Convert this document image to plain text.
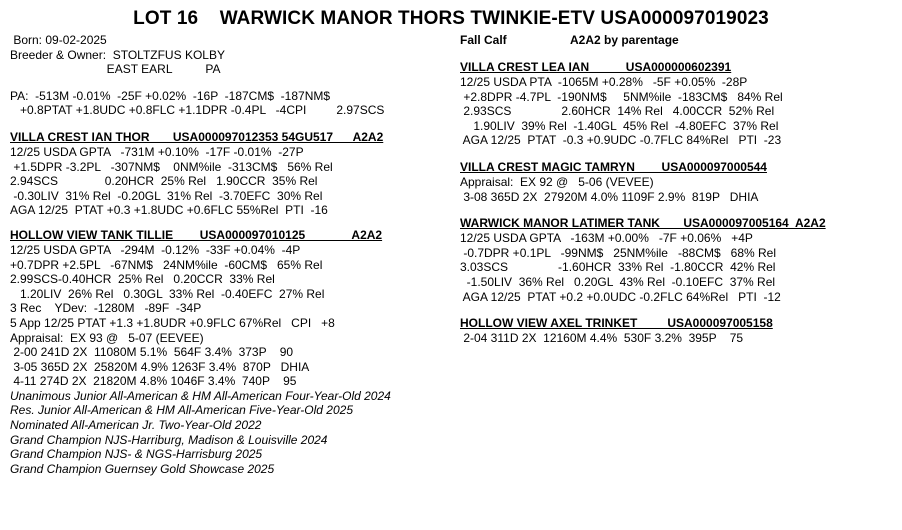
LOT 16    WARWICK MANOR THORS TWINKIE-ETV USA000097019023
Born: 09-02-2025
Breeder & Owner:  STOLTZFUS KOLBY
EAST EARL          PA
PA:  -513M -0.01%  -25F +0.02%  -16P  -187CM$  -187NM$
+0.8PTAT +1.8UDC +0.8FLC +1.1DPR -0.4PL   -4CPI         2.97SCS
VILLA CREST IAN THOR       USA000097012353 54GU517      A2A2
12/25 USDA GPTA   -731M +0.10%  -17F -0.01%  -27P
+1.5DPR -3.2PL   -307NM$    0NM%ile  -313CM$   56% Rel
2.94SCS              0.20HCR  25% Rel   1.90CCR  35% Rel
-0.30LIV  31% Rel  -0.20GL  31% Rel  -3.70EFC  30% Rel
AGA 12/25  PTAT +0.3 +1.8UDC +0.6FLC 55%Rel  PTI  -16
HOLLOW VIEW TANK TILLIE        USA000097010125              A2A2
12/25 USDA GPTA   -294M  -0.12%  -33F +0.04%  -4P
+0.7DPR +2.5PL   -67NM$   24NM%ile  -60CM$   65% Rel
2.99SCS-0.40HCR  25% Rel   0.20CCR  33% Rel
1.20LIV  26% Rel   0.30GL  33% Rel  -0.40EFC  27% Rel
3 Rec    YDev:  -1280M   -89F  -34P
5 App 12/25 PTAT +1.3 +1.8UDR +0.9FLC 67%Rel   CPI   +8
Appraisal:  EX 93 @   5-07 (EEVEE)
2-00 241D 2X  11080M 5.1%  564F 3.4%  373P    90
3-05 365D 2X  25820M 4.9% 1263F 3.4%  870P   DHIA
4-11 274D 2X  21820M 4.8% 1046F 3.4%  740P    95
Unanimous Junior All-American & HM All-American Four-Year-Old 2024
Res. Junior All-American & HM All-American Five-Year-Old 2025
Nominated All-American Jr. Two-Year-Old 2022
Grand Champion NJS-Harriburg, Madison & Louisville 2024
Grand Champion NJS- & NGS-Harrisburg 2025
Grand Champion Guernsey Gold Showcase 2025
Fall Calf	A2A2 by parentage
VILLA CREST LEA IAN           USA000000602391
12/25 USDA PTA  -1065M +0.28%   -5F +0.05%  -28P
+2.8DPR -4.7PL  -190NM$     5NM%ile  -183CM$   84% Rel
2.93SCS               2.60HCR  14% Rel   4.00CCR  52% Rel
1.90LIV  39% Rel  -1.40GL  45% Rel  -4.80EFC  37% Rel
AGA 12/25  PTAT  -0.3 +0.9UDC -0.7FLC 84%Rel   PTI  -23
VILLA CREST MAGIC TAMRYN        USA000097000544
Appraisal:  EX 92 @   5-06 (VEVEE)
3-08 365D 2X  27920M 4.0% 1109F 2.9%  819P   DHIA
WARWICK MANOR LATIMER TANK       USA000097005164  A2A2
12/25 USDA GPTA   -163M +0.00%   -7F +0.06%   +4P
-0.7DPR +0.1PL   -99NM$   25NM%ile   -88CM$   68% Rel
3.03SCS               -1.60HCR  33% Rel  -1.80CCR  42% Rel
-1.50LIV  36% Rel   0.20GL  43% Rel  -0.10EFC  37% Rel
AGA 12/25  PTAT +0.2 +0.0UDC -0.2FLC 64%Rel   PTI  -12
HOLLOW VIEW AXEL TRINKET         USA000097005158
2-04 311D 2X  12160M 4.4%  530F 3.2%  395P    75
